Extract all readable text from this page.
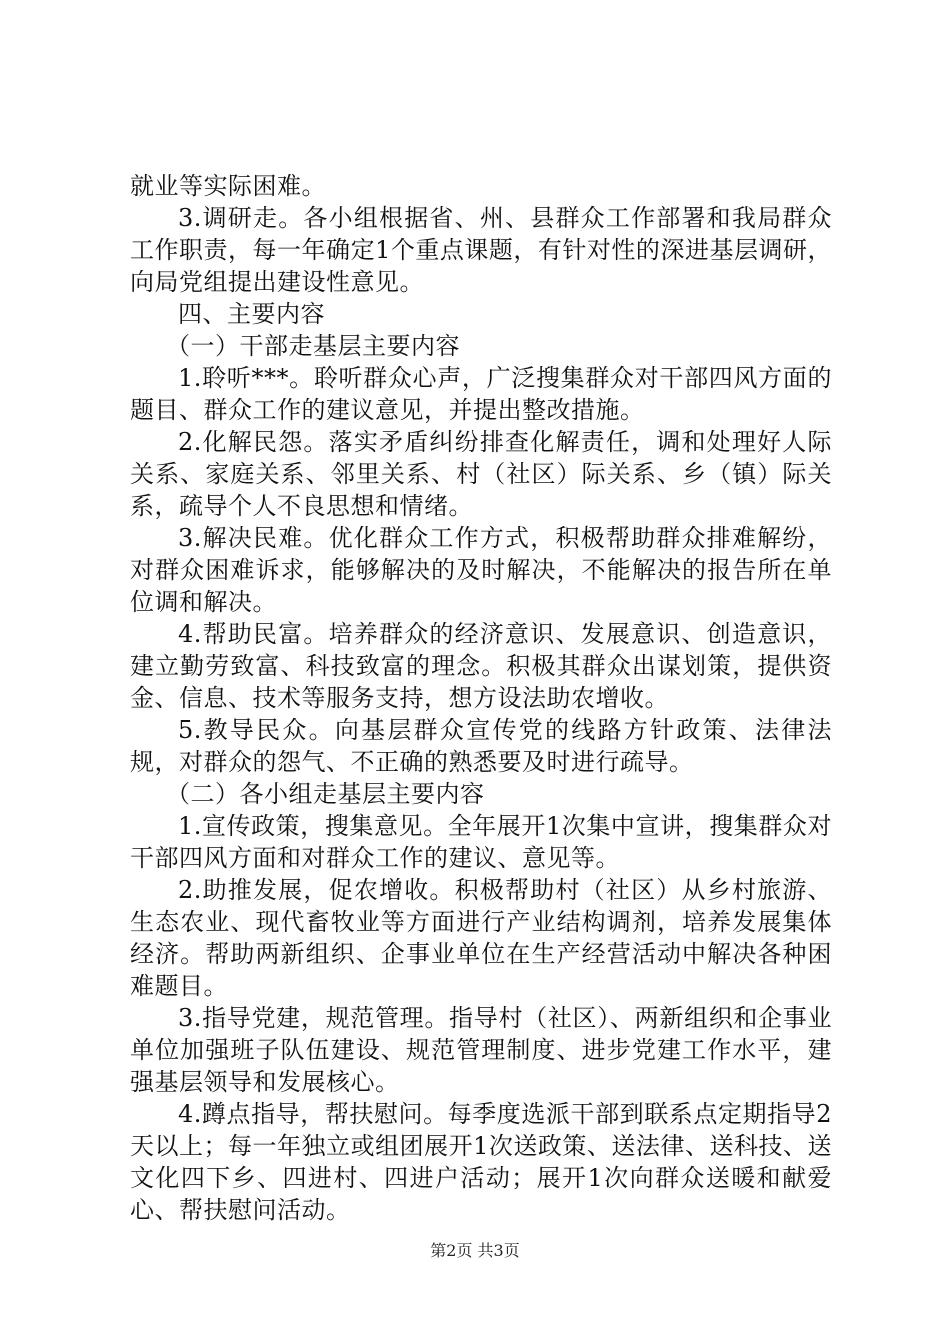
就业等实际困难。

3.调研走。各小组根据省、州、县群众工作部署和我局群众工作职责，每一年确定1个重点课题，有针对性的深进基层调研，向局党组提出建设性意见。

四、主要内容

（一）干部走基层主要内容

1.聆听***。聆听群众心声，广泛搜集群众对干部四风方面的题目、群众工作的建议意见，并提出整改措施。

2.化解民怨。落实矛盾纠纷排查化解责任，调和处理好人际关系、家庭关系、邻里关系、村（社区）际关系、乡（镇）际关系，疏导个人不良思想和情绪。

3.解决民难。优化群众工作方式，积极帮助群众排难解纷，对群众困难诉求，能够解决的及时解决，不能解决的报告所在单位调和解决。

4.帮助民富。培养群众的经济意识、发展意识、创造意识，建立勤劳致富、科技致富的理念。积极其群众出谋划策，提供资金、信息、技术等服务支持，想方设法助农增收。

5.教导民众。向基层群众宣传党的线路方针政策、法律法规，对群众的怨气、不正确的熟悉要及时进行疏导。

（二）各小组走基层主要内容

1.宣传政策，搜集意见。全年展开1次集中宣讲，搜集群众对干部四风方面和对群众工作的建议、意见等。

2.助推发展，促农增收。积极帮助村（社区）从乡村旅游、生态农业、现代畜牧业等方面进行产业结构调剂，培养发展集体经济。帮助两新组织、企事业单位在生产经营活动中解决各种困难题目。

3.指导党建，规范管理。指导村（社区）、两新组织和企事业单位加强班子队伍建设、规范管理制度、进步党建工作水平，建强基层领导和发展核心。

4.蹲点指导，帮扶慰问。每季度选派干部到联系点定期指导2天以上；每一年独立或组团展开1次送政策、送法律、送科技、送文化四下乡、四进村、四进户活动；展开1次向群众送暖和献爱心、帮扶慰问活动。

第2页 共3页
